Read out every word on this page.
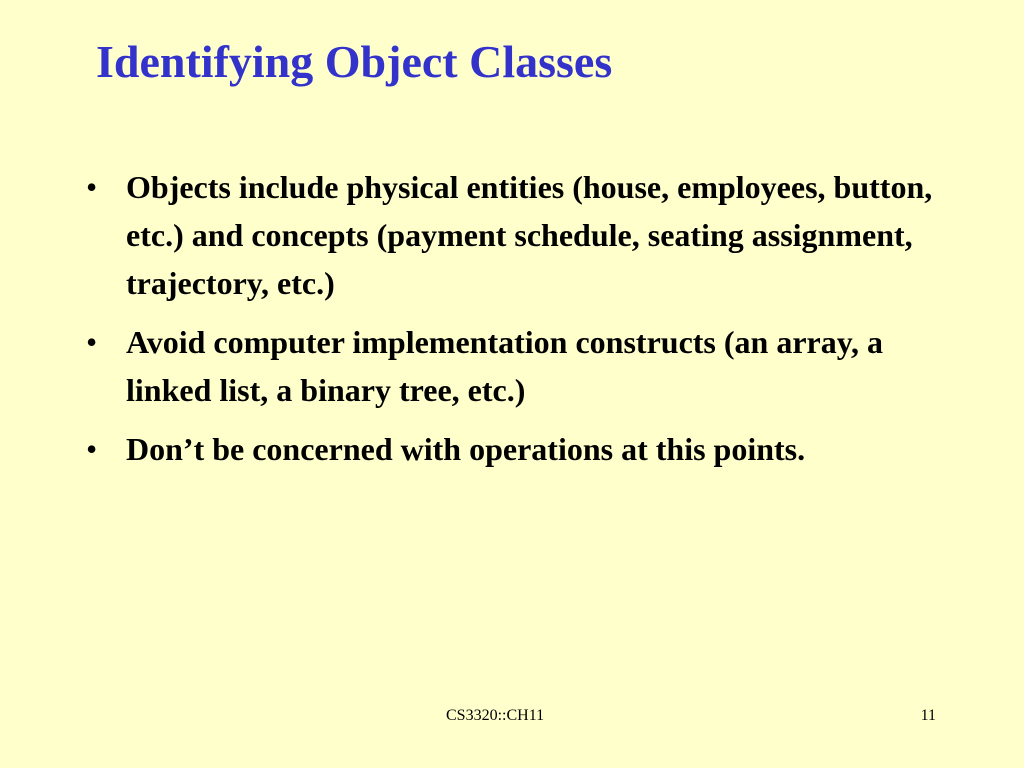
Identifying Object Classes
• Objects include physical entities (house, employees, button, etc.) and concepts (payment schedule, seating assignment, trajectory, etc.)
• Avoid computer implementation constructs (an array, a linked list, a binary tree, etc.)
• Don’t be concerned with operations at this points.
CS3320::CH11	11
